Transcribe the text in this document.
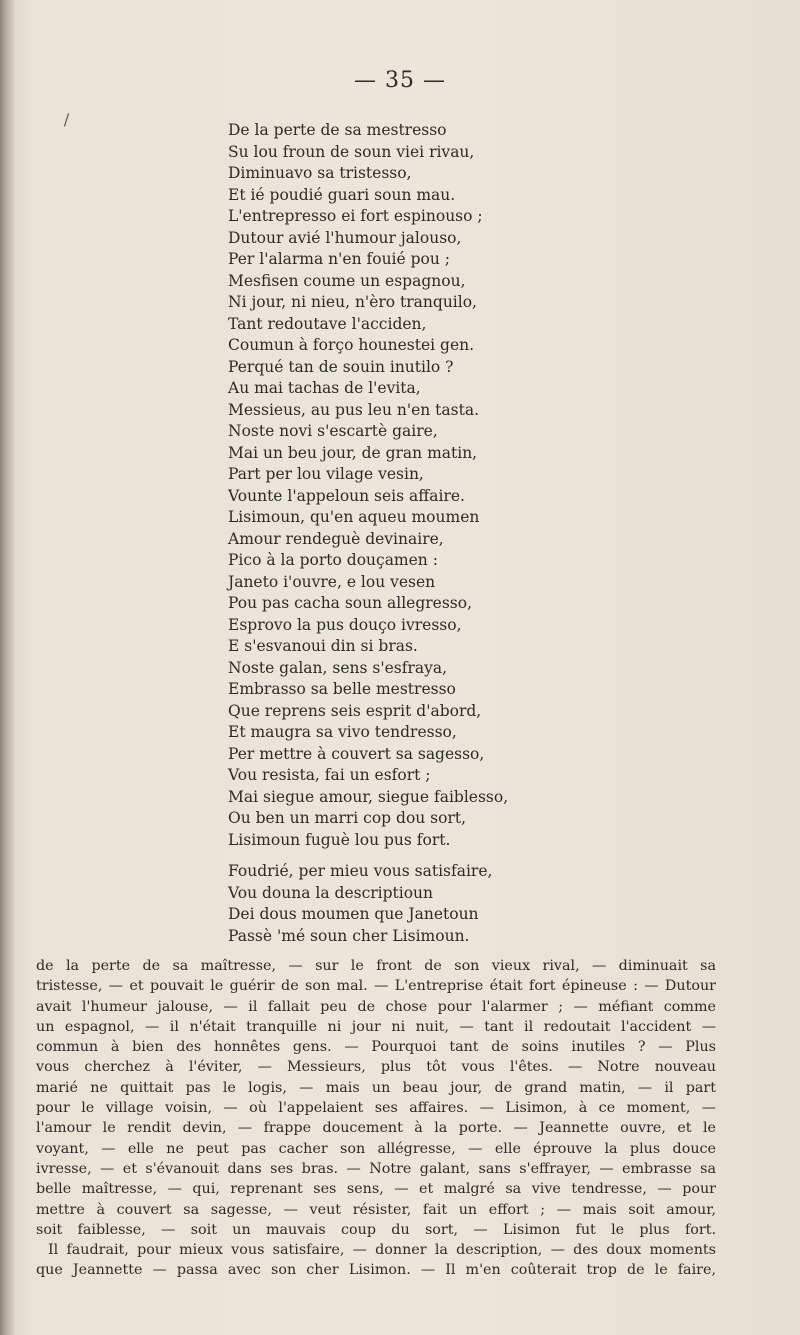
— 35 —
\
De la perte de sa mestresso
Su lou froun de soun viei rivau,
Diminuavo sa tristesso,
Et ié poudié guari soun mau.
L'entrepresso ei fort espinouso ;
Dutour avié l'humour jalouso,
Per l'alarma n'en fouié pou ;
Mesfisen coume un espagnou,
Ni jour, ni nieu, n'èro tranquilo,
Tant redoutave l'acciden,
Coumun à forço hounestei gen.
Perqué tan de souin inutilo ?
Au mai tachas de l'evita,
Messieus, au pus leu n'en tasta.
Noste novi s'escartè gaire,
Mai un beu jour, de gran matin,
Part per lou vilage vesin,
Vounte l'appeloun seis affaire.
Lisimoun, qu'en aqueu moumen
Amour rendeguè devinaire,
Pico à la porto douçamen :
Janeto i'ouvre, e lou vesen
Pou pas cacha soun allegresso,
Esprovo la pus douço ivresso,
E s'esvanoui din si bras.
Noste galan, sens s'esfraya,
Embrasso sa belle mestresso
Que reprens seis esprit d'abord,
Et maugra sa vivo tendresso,
Per mettre à couvert sa sagesso,
Vou resista, fai un esfort ;
Mai siegue amour, siegue faiblesso,
Ou ben un marri cop dou sort,
Lisimoun fuguè lou pus fort.
Foudrié, per mieu vous satisfaire,
Vou douna la descriptioun
Dei dous moumen que Janetoun
Passè 'mé soun cher Lisimoun.
de la perte de sa maîtresse, — sur le front de son vieux rival, — diminuait sa
tristesse, — et pouvait le guérir de son mal. — L'entreprise était fort épineuse : — Dutour
avait l'humeur jalouse, — il fallait peu de chose pour l'alarmer ; — méfiant comme
un espagnol, — il n'était tranquille ni jour ni nuit, — tant il redoutait l'accident —
commun à bien des honnêtes gens. — Pourquoi tant de soins inutiles ? — Plus
vous cherchez à l'éviter, — Messieurs, plus tôt vous l'êtes. — Notre nouveau
marié ne quittait pas le logis, — mais un beau jour, de grand matin, — il part
pour le village voisin, — où l'appelaient ses affaires. — Lisimon, à ce moment, —
l'amour le rendit devin, — frappe doucement à la porte. — Jeannette ouvre, et le
voyant, — elle ne peut pas cacher son allégresse, — elle éprouve la plus douce
ivresse, — et s'évanouit dans ses bras. — Notre galant, sans s'effrayer, — embrasse sa
belle maîtresse, — qui, reprenant ses sens, — et malgré sa vive tendresse, — pour
mettre à couvert sa sagesse, — veut résister, fait un effort ; — mais soit amour,
soit faiblesse, — soit un mauvais coup du sort, — Lisimon fut le plus fort.
Il faudrait, pour mieux vous satisfaire, — donner la description, — des doux moments
que Jeannette — passa avec son cher Lisimon. — Il m'en coûterait trop de le faire,
